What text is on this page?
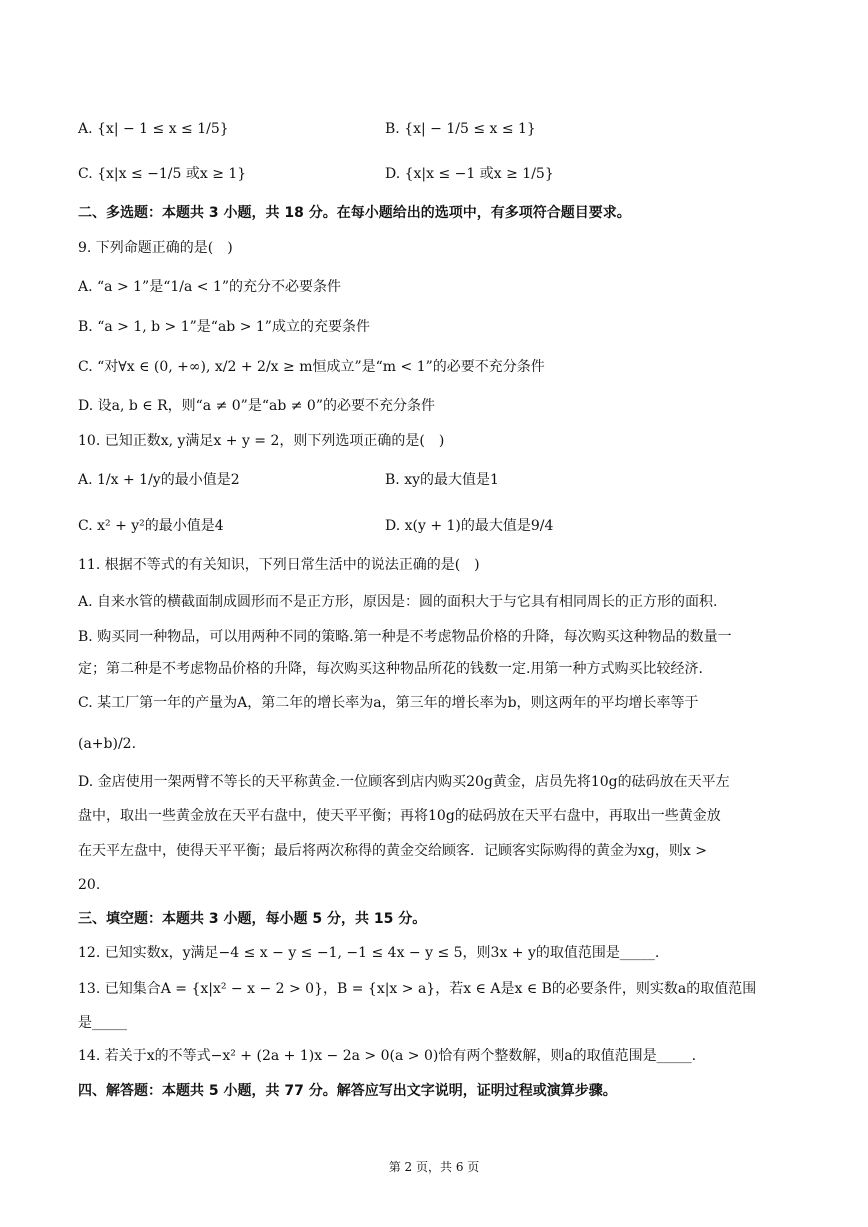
A. {x| − 1 ≤ x ≤ 1/5}	B. {x| − 1/5 ≤ x ≤ 1}
C. {x|x ≤ −1/5 或x ≥ 1}	D. {x|x ≤ −1 或x ≥ 1/5}
二、多选题：本题共 3 小题，共 18 分。在每小题给出的选项中，有多项符合题目要求。
9. 下列命题正确的是(　)
A. “a > 1”是“1/a < 1”的充分不必要条件
B. “a > 1, b > 1”是“ab > 1”成立的充要条件
C. “对∀x ∈ (0, +∞), x/2 + 2/x ≥ m恒成立”是“m < 1”的必要不充分条件
D. 设a, b ∈ R，则“a ≠ 0”是“ab ≠ 0”的必要不充分条件
10. 已知正数x, y满足x + y = 2，则下列选项正确的是(　)
A. 1/x + 1/y的最小值是2	B. xy的最大值是1
C. x² + y²的最小值是4	D. x(y + 1)的最大值是9/4
11. 根据不等式的有关知识，下列日常生活中的说法正确的是(　)
A. 自来水管的横截面制成圆形而不是正方形，原因是：圆的面积大于与它具有相同周长的正方形的面积.
B. 购买同一种物品，可以用两种不同的策略.第一种是不考虑物品价格的升降，每次购买这种物品的数量一
定；第二种是不考虑物品价格的升降，每次购买这种物品所花的钱数一定.用第一种方式购买比较经济.
C. 某工厂第一年的产量为A，第二年的增长率为a，第三年的增长率为b，则这两年的平均增长率等于
(a+b)/2.
D. 金店使用一架两臂不等长的天平称黄金.一位顾客到店内购买20g黄金，店员先将10g的砝码放在天平左
盘中，取出一些黄金放在天平右盘中，使天平平衡；再将10g的砝码放在天平右盘中，再取出一些黄金放
在天平左盘中，使得天平平衡；最后将两次称得的黄金交给顾客．记顾客实际购得的黄金为xg，则x >
20.
三、填空题：本题共 3 小题，每小题 5 分，共 15 分。
12. 已知实数x，y满足−4 ≤ x − y ≤ −1, −1 ≤ 4x − y ≤ 5，则3x + y的取值范围是_____.
13. 已知集合A = {x|x² − x − 2 > 0}，B = {x|x > a}，若x ∈ A是x ∈ B的必要条件，则实数a的取值范围
是_____
14. 若关于x的不等式−x² + (2a + 1)x − 2a > 0(a > 0)恰有两个整数解，则a的取值范围是_____.
四、解答题：本题共 5 小题，共 77 分。解答应写出文字说明，证明过程或演算步骤。
第 2 页，共 6 页
